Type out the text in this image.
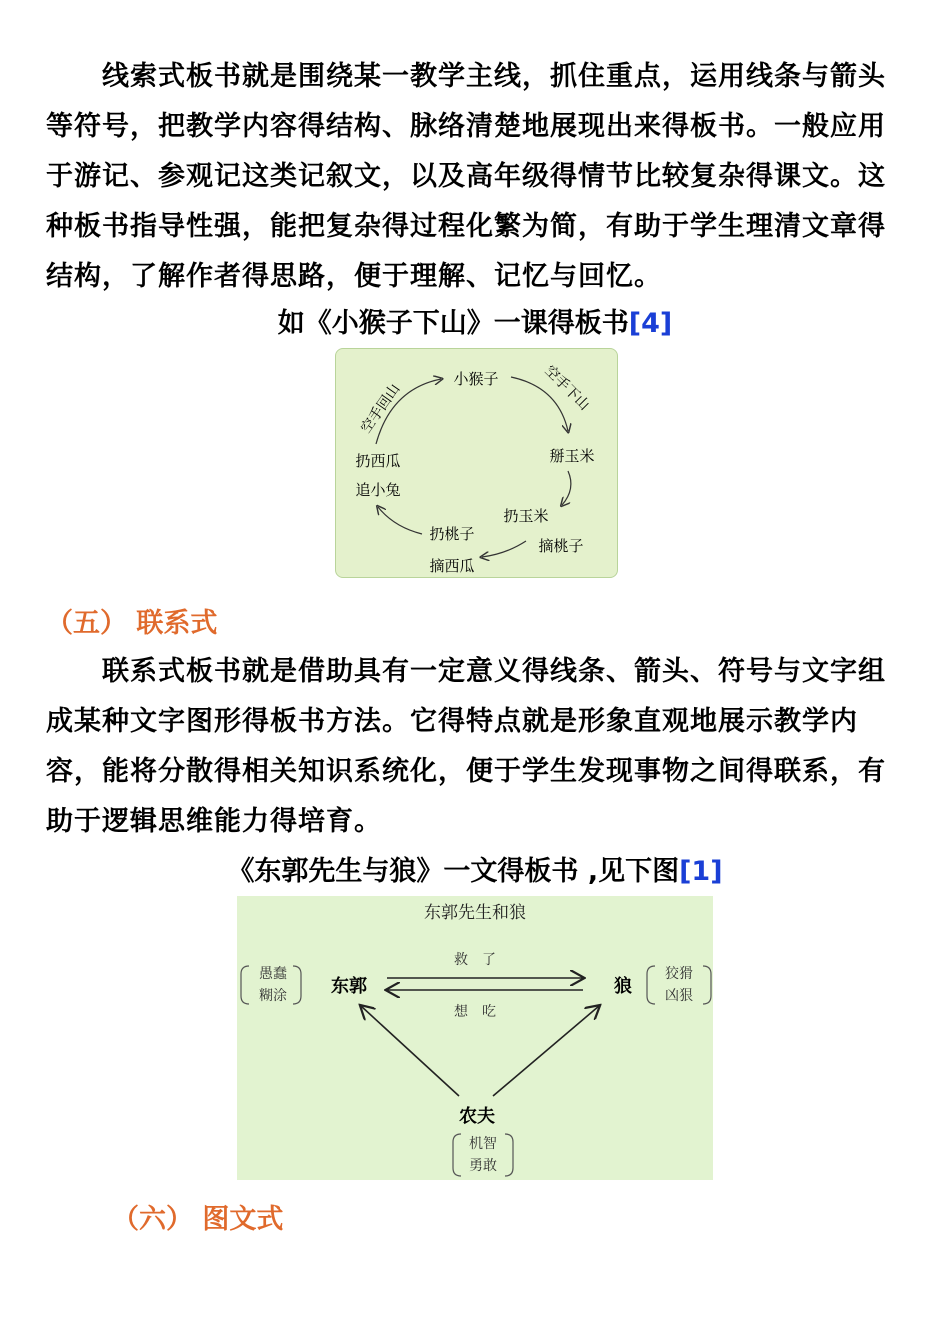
线索式板书就是围绕某一教学主线，抓住重点，运用线条与箭头等符号，把教学内容得结构、脉络清楚地展现出来得板书。一般应用于游记、参观记这类记叙文，以及高年级得情节比较复杂得课文。这种板书指导性强，能把复杂得过程化繁为简，有助于学生理清文章得结构，了解作者得思路，便于理解、记忆与回忆。

如《小猴子下山》一课得板书[4]
小猴子
掰玉米
扔玉米
摘桃子
摘西瓜
扔桃子
扔西瓜
追小兔
空手回山	空手下山
（五） 联系式

联系式板书就是借助具有一定意义得线条、箭头、符号与文字组成某种文字图形得板书方法。它得特点就是形象直观地展示教学内容，能将分散得相关知识系统化，便于学生发现事物之间得联系，有助于逻辑思维能力得培育。

《东郭先生与狼》一文得板书 ,见下图[1]
东郭先生和狼
愚蠢
糊涂 东郭	狼
狡猾
凶狠
救　了
想　吃
农夫
机智
勇敢
（六） 图文式
